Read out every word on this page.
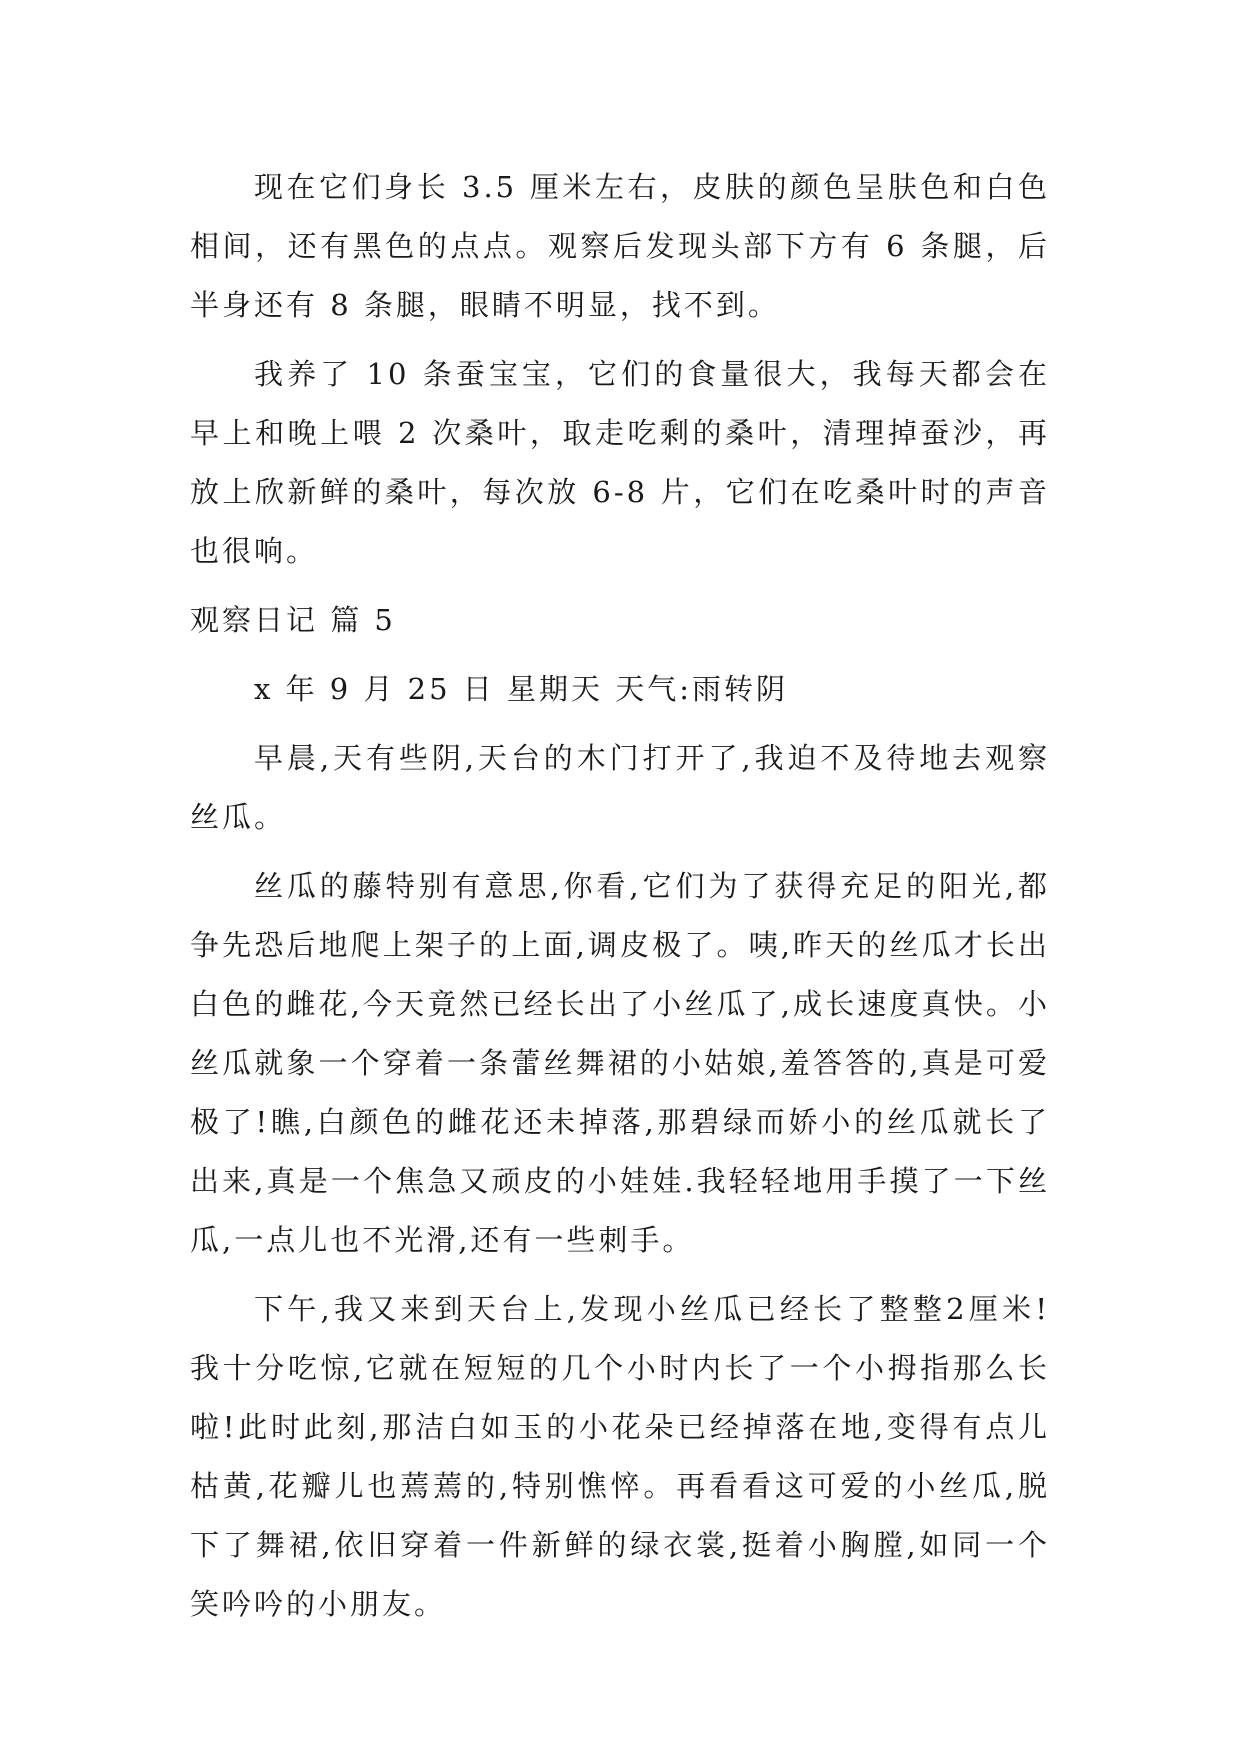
现在它们身长 3.5 厘米左右，皮肤的颜色呈肤色和白色相间，还有黑色的点点。观察后发现头部下方有 6 条腿，后半身还有 8 条腿，眼睛不明显，找不到。

我养了 10 条蚕宝宝，它们的食量很大，我每天都会在早上和晚上喂 2 次桑叶，取走吃剩的桑叶，清理掉蚕沙，再放上欣新鲜的桑叶，每次放 6-8 片，它们在吃桑叶时的声音也很响。

观察日记 篇 5

x 年 9 月 25 日 星期天 天气:雨转阴

早晨,天有些阴,天台的木门打开了,我迫不及待地去观察丝瓜。

丝瓜的藤特别有意思,你看,它们为了获得充足的阳光,都争先恐后地爬上架子的上面,调皮极了。咦,昨天的丝瓜才长出白色的雌花,今天竟然已经长出了小丝瓜了,成长速度真快。小丝瓜就象一个穿着一条蕾丝舞裙的小姑娘,羞答答的,真是可爱极了!瞧,白颜色的雌花还未掉落,那碧绿而娇小的丝瓜就长了出来,真是一个焦急又顽皮的小娃娃.我轻轻地用手摸了一下丝瓜,一点儿也不光滑,还有一些刺手。

下午,我又来到天台上,发现小丝瓜已经长了整整2厘米!我十分吃惊,它就在短短的几个小时内长了一个小拇指那么长啦!此时此刻,那洁白如玉的小花朵已经掉落在地,变得有点儿枯黄,花瓣儿也蔫蔫的,特别憔悴。再看看这可爱的小丝瓜,脱下了舞裙,依旧穿着一件新鲜的绿衣裳,挺着小胸膛,如同一个笑吟吟的小朋友。
